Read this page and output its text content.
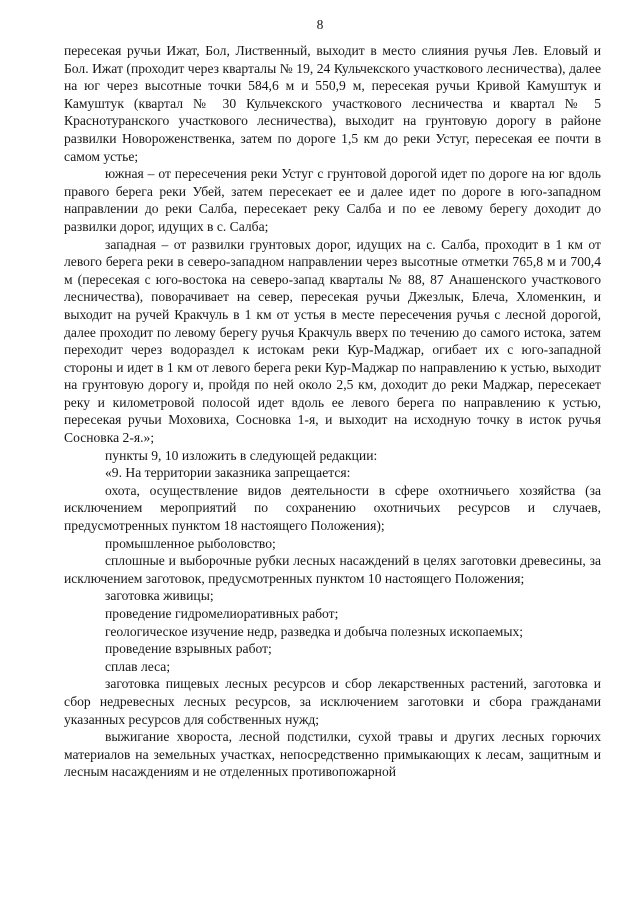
8

пересекая ручьи Ижат, Бол, Лиственный, выходит в место слияния ручья Лев. Еловый и Бол. Ижат (проходит через кварталы № 19, 24 Кульчекского участкового лесничества), далее на юг через высотные точки 584,6 м и 550,9 м, пересекая ручьи Кривой Камуштук и Камуштук (квартал № 30 Кульчекского участкового лесничества и квартал № 5 Краснотуранского участкового лесничества), выходит на грунтовую дорогу в районе развилки Новороженственка, затем по дороге 1,5 км до реки Устуг, пересекая ее почти в самом устье;

южная – от пересечения реки Устуг с грунтовой дорогой идет по дороге на юг вдоль правого берега реки Убей, затем пересекает ее и далее идет по дороге в юго-западном направлении до реки Салба, пересекает реку Салба и по ее левому берегу доходит до развилки дорог, идущих в с. Салба;

западная – от развилки грунтовых дорог, идущих на с. Салба, проходит в 1 км от левого берега реки в северо-западном направлении через высотные отметки 765,8 м и 700,4 м (пересекая с юго-востока на северо-запад кварталы № 88, 87 Анашенского участкового лесничества), поворачивает на север, пересекая ручьи Джезлык, Блеча, Хломенкин, и выходит на ручей Кракчуль в 1 км от устья в месте пересечения ручья с лесной дорогой, далее проходит по левому берегу ручья Кракчуль вверх по течению до самого истока, затем переходит через водораздел к истокам реки Кур-Маджар, огибает их с юго-западной стороны и идет в 1 км от левого берега реки Кур-Маджар по направлению к устью, выходит на грунтовую дорогу и, пройдя по ней около 2,5 км, доходит до реки Маджар, пересекает реку и километровой полосой идет вдоль ее левого берега по направлению к устью, пересекая ручьи Моховиха, Сосновка 1-я, и выходит на исходную точку в исток ручья Сосновка 2-я.»;

пункты 9, 10 изложить в следующей редакции:

«9. На территории заказника запрещается:

охота, осуществление видов деятельности в сфере охотничьего хозяйства (за исключением мероприятий по сохранению охотничьих ресурсов и случаев, предусмотренных пунктом 18 настоящего Положения);

промышленное рыболовство;

сплошные и выборочные рубки лесных насаждений в целях заготовки древесины, за исключением заготовок, предусмотренных пунктом 10 настоящего Положения;

заготовка живицы;

проведение гидромелиоративных работ;

геологическое изучение недр, разведка и добыча полезных ископаемых;

проведение взрывных работ;

сплав леса;

заготовка пищевых лесных ресурсов и сбор лекарственных растений, заготовка и сбор недревесных лесных ресурсов, за исключением заготовки и сбора гражданами указанных ресурсов для собственных нужд;

выжигание хвороста, лесной подстилки, сухой травы и других лесных горючих материалов на земельных участках, непосредственно примыкающих к лесам, защитным и лесным насаждениям и не отделенных противопожарной
